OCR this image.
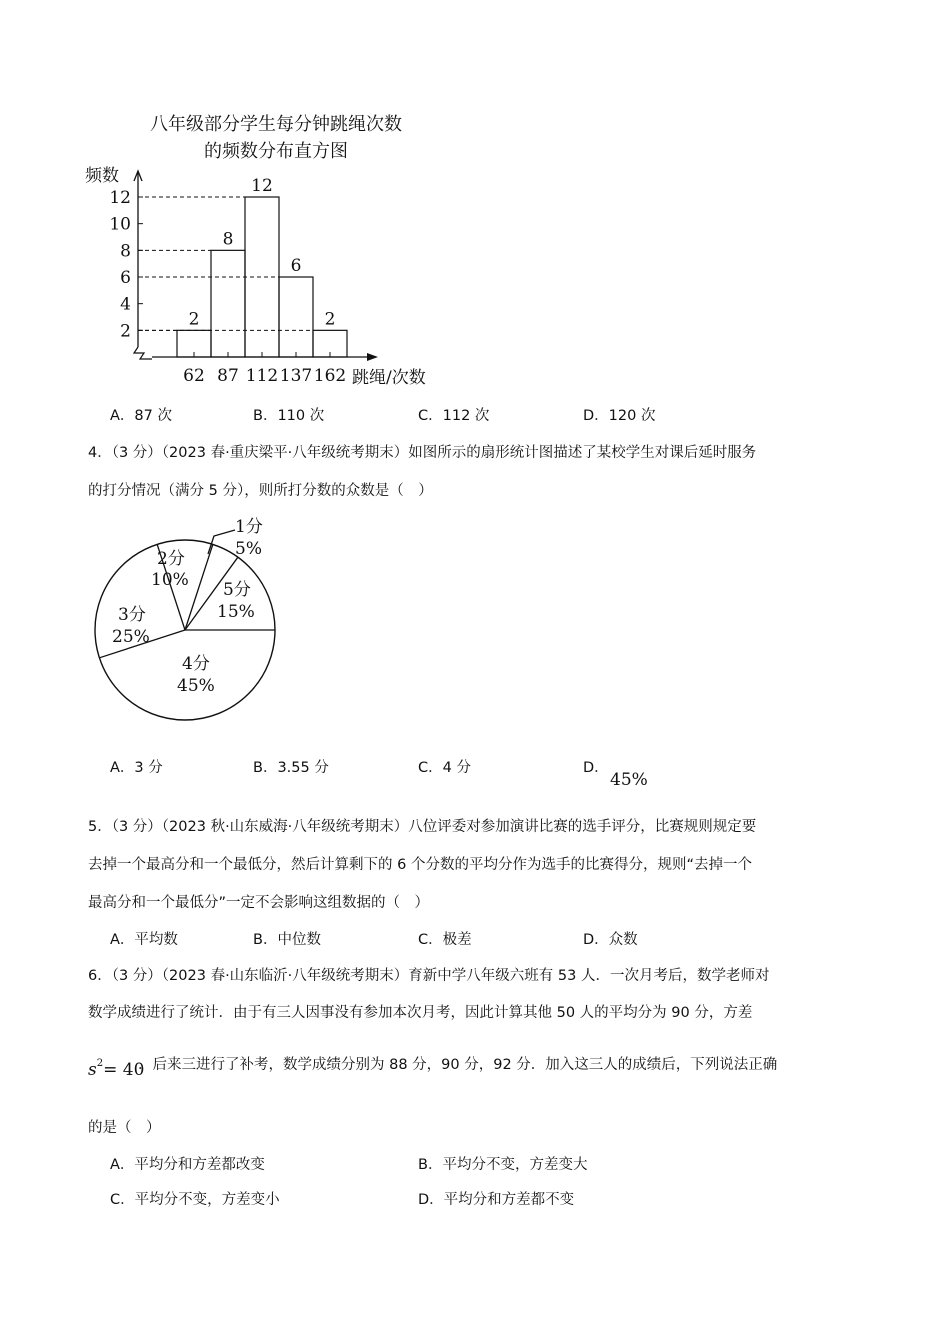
八年级部分学生每分钟跳绳次数
的频数分布直方图
频数
跳绳/次数
2
4
6
8
10
12
2
8
12
6
2
62 87 112 137 162
A．87 次	B．110 次	C．112 次	D．120 次
4．（3 分）（2023 春·重庆梁平·八年级统考期末）如图所示的扇形统计图描述了某校学生对课后延时服务
的打分情况（满分 5 分），则所打分数的众数是（　）
1分
5%
2分
10%
3分
25%
4分
45%
5分
15%
A．3 分	B．3.55 分	C．4 分	D．
45%
5．（3 分）（2023 秋·山东威海·八年级统考期末）八位评委对参加演讲比赛的选手评分，比赛规则规定要
去掉一个最高分和一个最低分，然后计算剩下的 6 个分数的平均分作为选手的比赛得分，规则“去掉一个
最高分和一个最低分”一定不会影响这组数据的（　）
A．平均数	B．中位数	C．极差	D．众数
6．（3 分）（2023 春·山东临沂·八年级统考期末）育新中学八年级六班有 53 人．一次月考后，数学老师对
数学成绩进行了统计．由于有三人因事没有参加本次月考，因此计算其他 50 人的平均分为 90 分，方差
$s^2= 40$
．后来三进行了补考，数学成绩分别为 88 分，90 分，92 分．加入这三人的成绩后，下列说法正确
的是（　）
A．平均分和方差都改变	B．平均分不变，方差变大
C．平均分不变，方差变小	D．平均分和方差都不变
